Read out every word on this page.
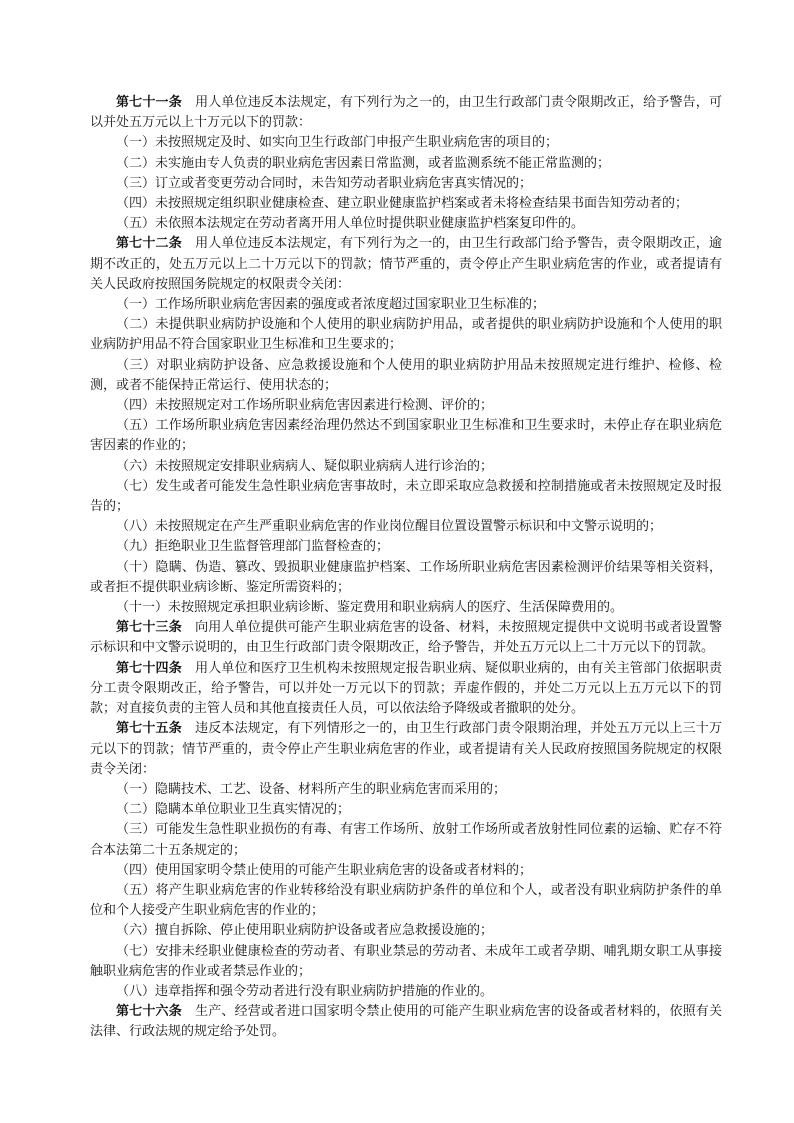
第七十一条　 用人单位违反本法规定，有下列行为之一的，由卫生行政部门责令限期改正，给予警告，可以并处五万元以上十万元以下的罚款：

（一）未按照规定及时、如实向卫生行政部门申报产生职业病危害的项目的；

（二）未实施由专人负责的职业病危害因素日常监测，或者监测系统不能正常监测的；

（三）订立或者变更劳动合同时，未告知劳动者职业病危害真实情况的；

（四）未按照规定组织职业健康检查、建立职业健康监护档案或者未将检查结果书面告知劳动者的；

（五）未依照本法规定在劳动者离开用人单位时提供职业健康监护档案复印件的。

第七十二条　 用人单位违反本法规定，有下列行为之一的，由卫生行政部门给予警告，责令限期改正，逾期不改正的，处五万元以上二十万元以下的罚款；情节严重的，责令停止产生职业病危害的作业，或者提请有关人民政府按照国务院规定的权限责令关闭：

（一）工作场所职业病危害因素的强度或者浓度超过国家职业卫生标准的；

（二）未提供职业病防护设施和个人使用的职业病防护用品，或者提供的职业病防护设施和个人使用的职业病防护用品不符合国家职业卫生标准和卫生要求的；

（三）对职业病防护设备、应急救援设施和个人使用的职业病防护用品未按照规定进行维护、检修、检测，或者不能保持正常运行、使用状态的；

（四）未按照规定对工作场所职业病危害因素进行检测、评价的；

（五）工作场所职业病危害因素经治理仍然达不到国家职业卫生标准和卫生要求时，未停止存在职业病危害因素的作业的；

（六）未按照规定安排职业病病人、疑似职业病病人进行诊治的；

（七）发生或者可能发生急性职业病危害事故时，未立即采取应急救援和控制措施或者未按照规定及时报告的；

（八）未按照规定在产生严重职业病危害的作业岗位醒目位置设置警示标识和中文警示说明的；

（九）拒绝职业卫生监督管理部门监督检查的；

（十）隐瞒、伪造、篡改、毁损职业健康监护档案、工作场所职业病危害因素检测评价结果等相关资料，或者拒不提供职业病诊断、鉴定所需资料的；

（十一）未按照规定承担职业病诊断、鉴定费用和职业病病人的医疗、生活保障费用的。

第七十三条　 向用人单位提供可能产生职业病危害的设备、材料，未按照规定提供中文说明书或者设置警示标识和中文警示说明的，由卫生行政部门责令限期改正，给予警告，并处五万元以上二十万元以下的罚款。

第七十四条　 用人单位和医疗卫生机构未按照规定报告职业病、疑似职业病的，由有关主管部门依据职责分工责令限期改正，给予警告，可以并处一万元以下的罚款；弄虚作假的，并处二万元以上五万元以下的罚款；对直接负责的主管人员和其他直接责任人员，可以依法给予降级或者撤职的处分。

第七十五条　 违反本法规定，有下列情形之一的，由卫生行政部门责令限期治理，并处五万元以上三十万元以下的罚款；情节严重的，责令停止产生职业病危害的作业，或者提请有关人民政府按照国务院规定的权限责令关闭：

（一）隐瞒技术、工艺、设备、材料所产生的职业病危害而采用的；

（二）隐瞒本单位职业卫生真实情况的；

（三）可能发生急性职业损伤的有毒、有害工作场所、放射工作场所或者放射性同位素的运输、贮存不符合本法第二十五条规定的；

（四）使用国家明令禁止使用的可能产生职业病危害的设备或者材料的；

（五）将产生职业病危害的作业转移给没有职业病防护条件的单位和个人，或者没有职业病防护条件的单位和个人接受产生职业病危害的作业的；

（六）擅自拆除、停止使用职业病防护设备或者应急救援设施的；

（七）安排未经职业健康检查的劳动者、有职业禁忌的劳动者、未成年工或者孕期、哺乳期女职工从事接触职业病危害的作业或者禁忌作业的；

（八）违章指挥和强令劳动者进行没有职业病防护措施的作业的。

第七十六条　 生产、经营或者进口国家明令禁止使用的可能产生职业病危害的设备或者材料的，依照有关法律、行政法规的规定给予处罚。
